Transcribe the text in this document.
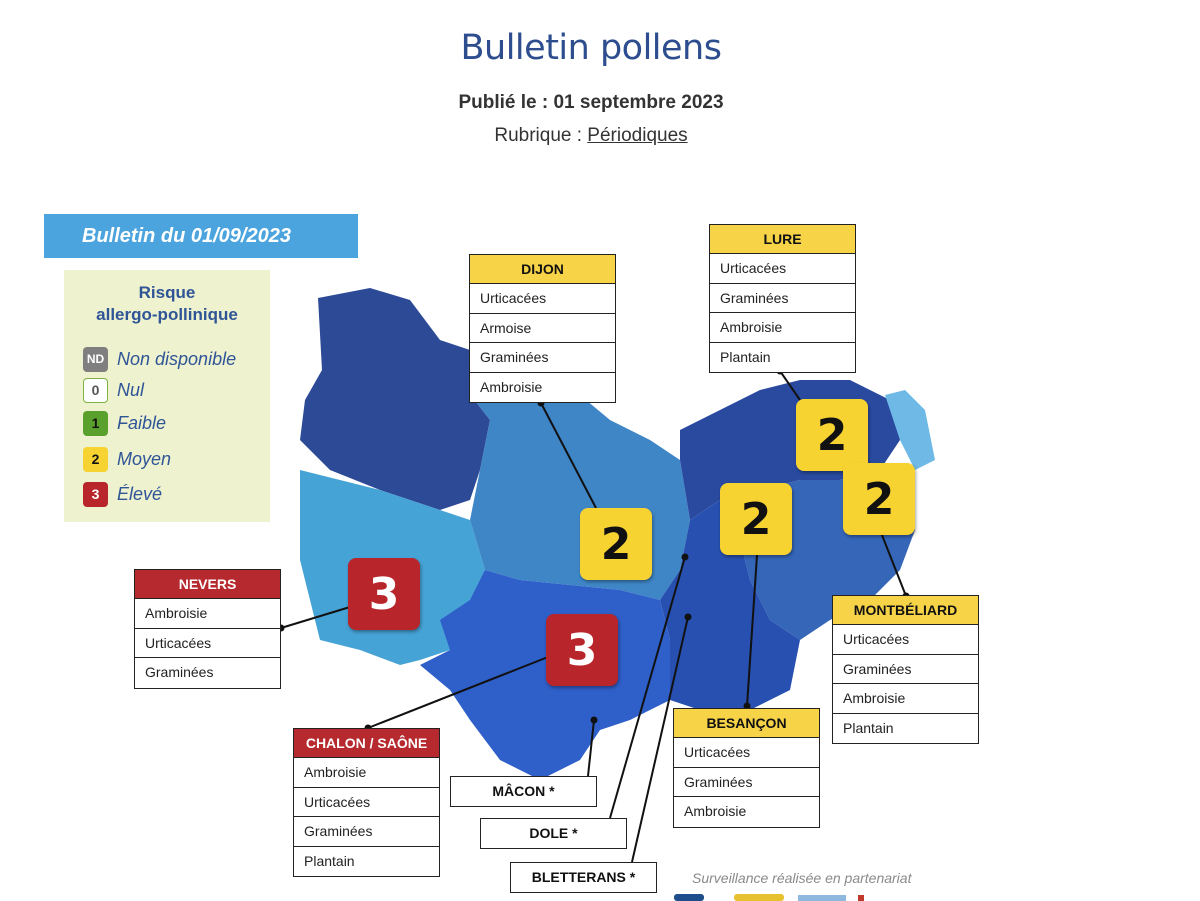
Bulletin pollens
Publié le : 01 septembre 2023
Rubrique : Périodiques
Bulletin du 01/09/2023
Risque
allergo-pollinique
ND Non disponible
0 Nul
1 Faible
2 Moyen
3 Élevé
3
3
2	2
2
2
DIJON
Urticacées
Armoise
Graminées
Ambroisie
LURE
Urticacées
Graminées
Ambroisie
Plantain
NEVERS
Ambroisie
Urticacées
Graminées
MONTBÉLIARD
Urticacées
Graminées
Ambroisie
Plantain
BESANÇON
Urticacées
Graminées
Ambroisie
CHALON / SAÔNE
Ambroisie
Urticacées
Graminées
Plantain
MÂCON *
DOLE *
BLETTERANS *	Surveillance réalisée en partenariat
